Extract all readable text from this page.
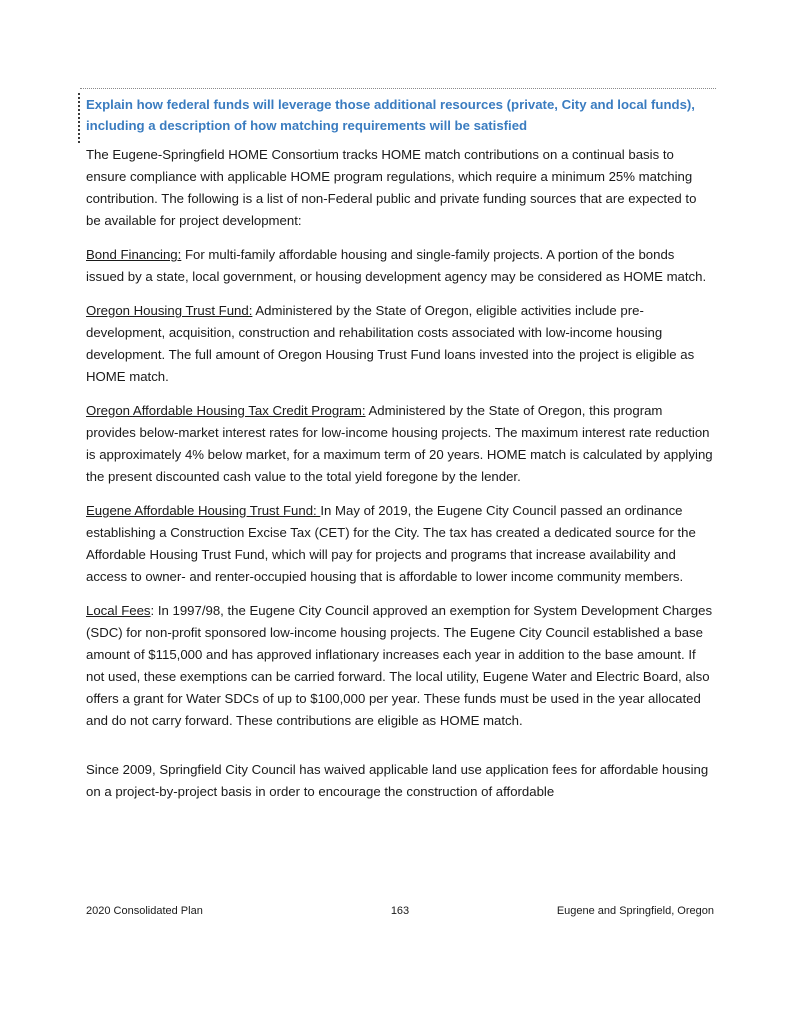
Explain how federal funds will leverage those additional resources (private, City and local funds), including a description of how matching requirements will be satisfied

The Eugene-Springfield HOME Consortium tracks HOME match contributions on a continual basis to ensure compliance with applicable HOME program regulations, which require a minimum 25% matching contribution. The following is a list of non-Federal public and private funding sources that are expected to be available for project development:

Bond Financing: For multi-family affordable housing and single-family projects. A portion of the bonds issued by a state, local government, or housing development agency may be considered as HOME match.

Oregon Housing Trust Fund: Administered by the State of Oregon, eligible activities include pre-development, acquisition, construction and rehabilitation costs associated with low-income housing development. The full amount of Oregon Housing Trust Fund loans invested into the project is eligible as HOME match.

Oregon Affordable Housing Tax Credit Program: Administered by the State of Oregon, this program provides below-market interest rates for low-income housing projects. The maximum interest rate reduction is approximately 4% below market, for a maximum term of 20 years. HOME match is calculated by applying the present discounted cash value to the total yield foregone by the lender.

Eugene Affordable Housing Trust Fund: In May of 2019, the Eugene City Council passed an ordinance establishing a Construction Excise Tax (CET) for the City. The tax has created a dedicated source for the Affordable Housing Trust Fund, which will pay for projects and programs that increase availability and access to owner- and renter-occupied housing that is affordable to lower income community members.

Local Fees: In 1997/98, the Eugene City Council approved an exemption for System Development Charges (SDC) for non-profit sponsored low-income housing projects. The Eugene City Council established a base amount of $115,000 and has approved inflationary increases each year in addition to the base amount. If not used, these exemptions can be carried forward. The local utility, Eugene Water and Electric Board, also offers a grant for Water SDCs of up to $100,000 per year. These funds must be used in the year allocated and do not carry forward. These contributions are eligible as HOME match.

Since 2009, Springfield City Council has waived applicable land use application fees for affordable housing on a project-by-project basis in order to encourage the construction of affordable

2020 Consolidated Plan	163	Eugene and Springfield, Oregon
